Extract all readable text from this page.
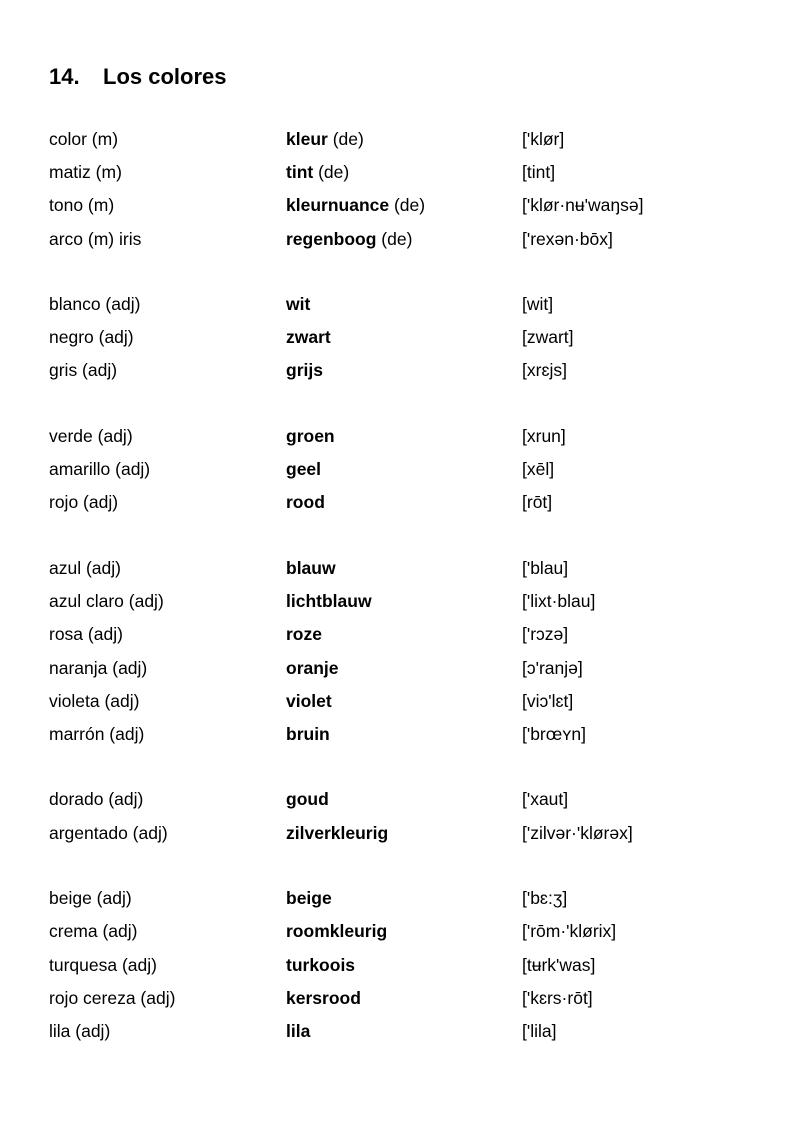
14.	Los colores
color (m)	kleur (de)	['klør]
matiz (m)	tint (de)	[tint]
tono (m)	kleurnuance (de)	['klør·nʉ'waŋsə]
arco (m) iris	regenboog (de)	['rexən·bōx]
blanco (adj)	wit	[wit]
negro (adj)	zwart	[zwart]
gris (adj)	grijs	[xrɛjs]
verde (adj)	groen	[xrun]
amarillo (adj)	geel	[xēl]
rojo (adj)	rood	[rōt]
azul (adj)	blauw	['blau]
azul claro (adj)	lichtblauw	['lixt·blau]
rosa (adj)	roze	['rɔzə]
naranja (adj)	oranje	[ɔ'ranjə]
violeta (adj)	violet	[viɔ'lɛt]
marrón (adj)	bruin	['brœʏn]
dorado (adj)	goud	['xaut]
argentado (adj)	zilverkleurig	['zilvər·'klørəx]
beige (adj)	beige	['bɛ:ʒ]
crema (adj)	roomkleurig	['rōm·'klørix]
turquesa (adj)	turkoois	[tʉrk'was]
rojo cereza (adj)	kersrood	['kɛrs·rōt]
lila (adj)	lila	['lila]
